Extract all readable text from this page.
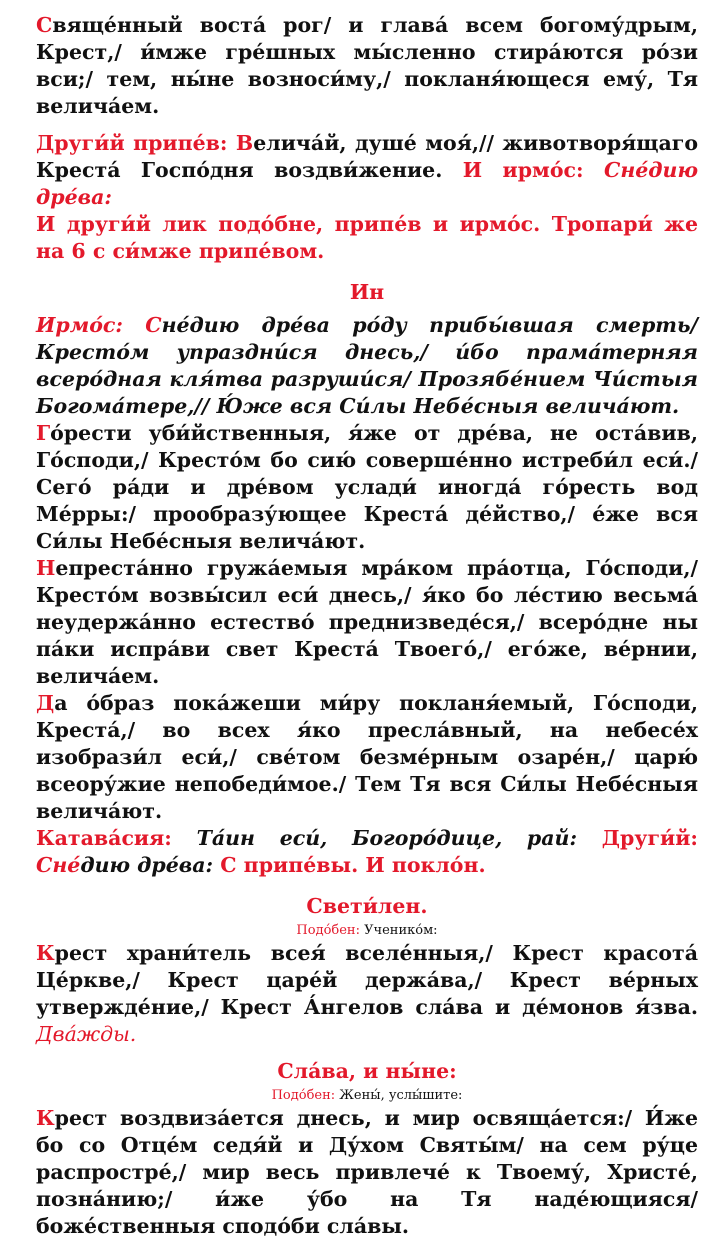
Свяще́нный воста́ рог/ и глава́ всем богому́дрым, Крест,/ и́мже гре́шных мы́сленно стира́ются ро́зи вси;/ тем, ны́не возноси́му,/ покланя́ющеся ему́, Тя велича́ем.

Други́й припе́в: Велича́й, душе́ моя́,// животворя́щаго Креста́ Госпо́дня воздви́жение. И ирмо́с: Сне́дию дре́ва:

И други́й лик подо́бне, припе́в и ирмо́с. Тропари́ же на 6 с си́мже припе́вом.

Ин

Ирмо́с: Сне́дию дре́ва ро́ду прибы́вшая смерть/ Кресто́м упраздни́ся днесь,/ и́бо прама́терняя всеро́дная кля́тва разруши́ся/ Прозябе́нием Чи́стыя Богома́тере,// Ю́же вся Си́лы Небе́сныя велича́ют.

Го́рести уби́йственныя, я́же от дре́ва, не оста́вив, Го́споди,/ Кресто́м бо сию́ соверше́нно истреби́л еси́./ Сего́ ра́ди и дре́вом услади́ иногда́ го́ресть вод Ме́рры:/ прообразу́ющее Креста́ де́йство,/ е́же вся Си́лы Небе́сныя велича́ют.

Непреста́нно гружа́емыя мра́ком пра́отца, Го́споди,/ Кресто́м возвы́сил еси́ днесь,/ я́ко бо ле́стию весьма́ неудержа́нно естество́ преднизведе́ся,/ всеро́дне ны па́ки испра́ви свет Креста́ Твоего́,/ его́же, ве́рнии, велича́ем.

Да о́браз пока́жеши ми́ру покланя́емый, Го́споди, Креста́,/ во всех я́ко пресла́вный, на небесе́х изобрази́л еси́,/ све́том безме́рным озаре́н,/ царю́ всеору́жие непобеди́мое./ Тем Тя вся Си́лы Небе́сныя велича́ют.

Катава́сия: Та́ин еси́, Богоро́дице, рай: Други́й: Сне́дию дре́ва: С припе́вы. И покло́н.

Свети́лен.

Подо́бен: Ученико́м:

Крест храни́тель всея́ вселе́нныя,/ Крест красота́ Це́ркве,/ Крест царе́й держа́ва,/ Крест ве́рных утвержде́ние,/ Крест А́нгелов сла́ва и де́монов я́зва. Два́жды.

Сла́ва, и ны́не:

Подо́бен: Жены́, услы́шите:

Крест воздвиза́ется днесь, и мир освяща́ется:/ И́же бо со Отце́м седя́й и Ду́хом Святы́м/ на сем ру́це распростре́,/ мир весь привлече́ к Твоему́, Христе́, позна́нию;/ и́же у́бо на Тя наде́ющияся/ боже́ственныя сподо́би сла́вы.
